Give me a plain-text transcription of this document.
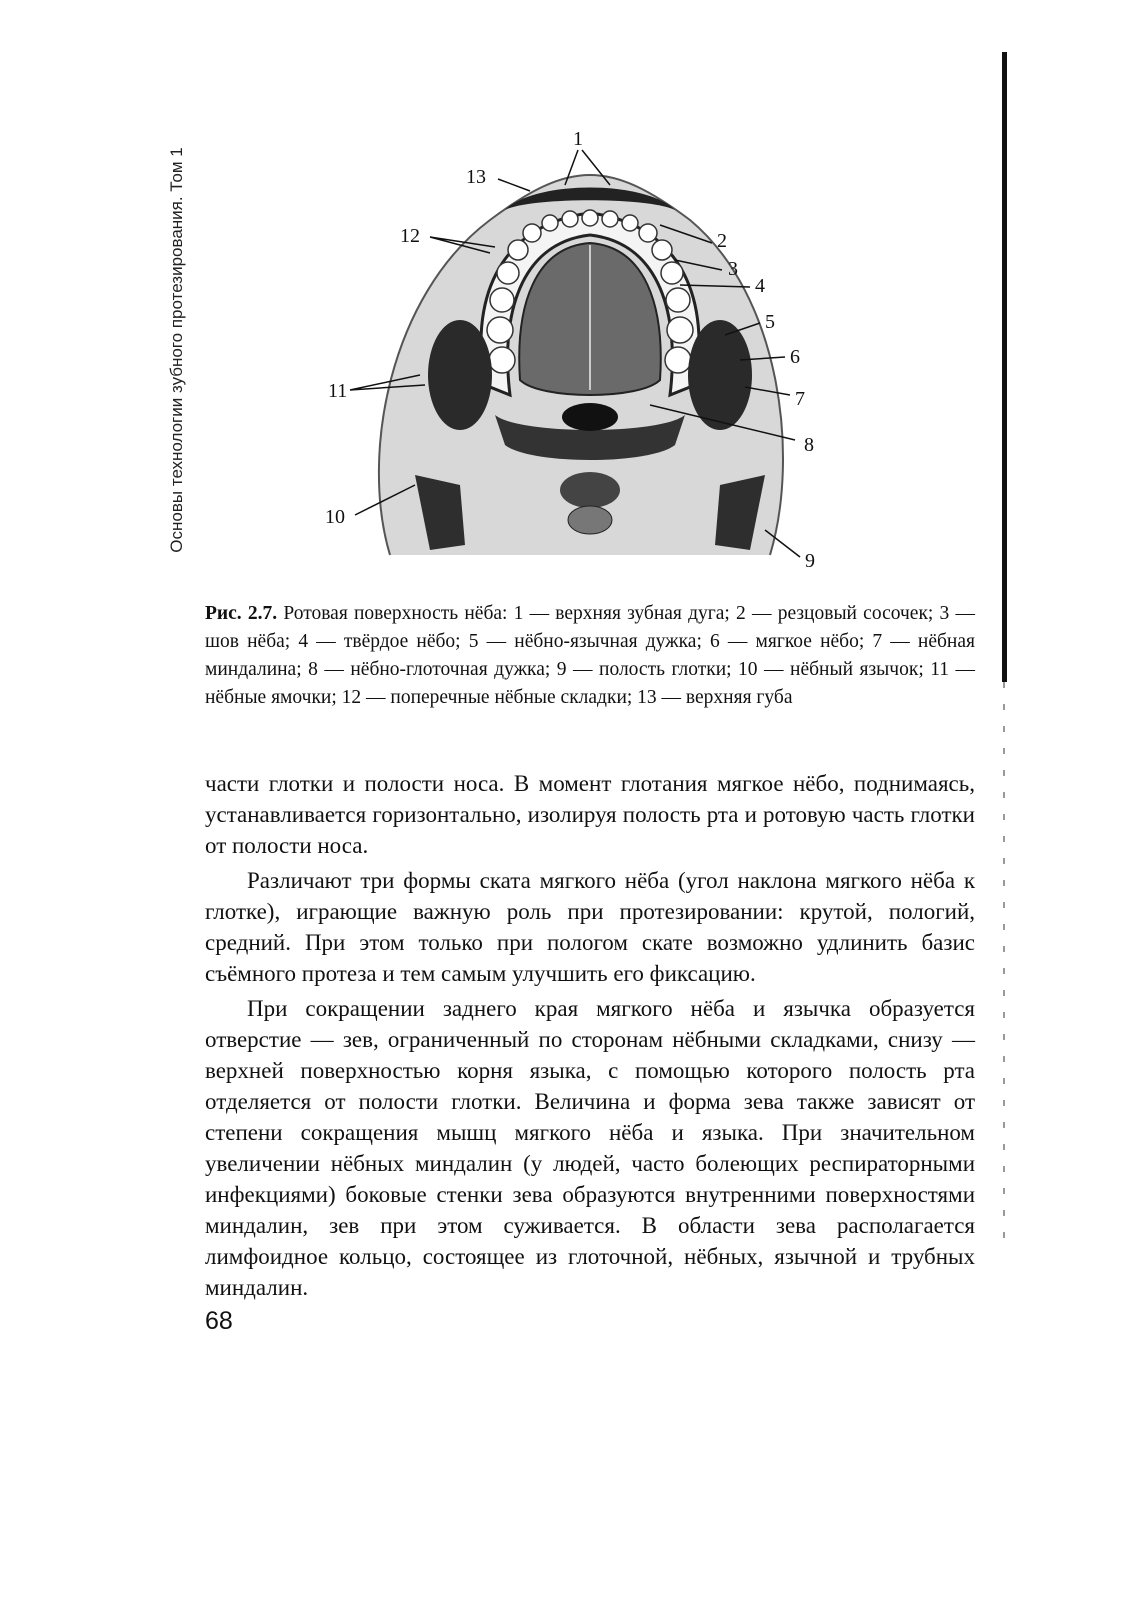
Основы технологии зубного протезирования. Том 1
1
13
12	2
3
4
5
6
7
8
9
10
11
Рис. 2.7. Ротовая поверхность нёба: 1 — верхняя зубная дуга; 2 — резцовый сосочек; 3 — шов нёба; 4 — твёрдое нёбо; 5 — нёбно-язычная дужка; 6 — мягкое нёбо; 7 — нёбная миндалина; 8 — нёбно-глоточная дужка; 9 — полость глотки; 10 — нёбный язычок; 11 — нёбные ямочки; 12 — поперечные нёбные складки; 13 — верхняя губа

части глотки и полости носа. В момент глотания мягкое нёбо, поднимаясь, устанавливается горизонтально, изолируя полость рта и ротовую часть глотки от полости носа.

Различают три формы ската мягкого нёба (угол наклона мягкого нёба к глотке), играющие важную роль при протезировании: крутой, пологий, средний. При этом только при пологом скате возможно удлинить базис съёмного протеза и тем самым улучшить его фиксацию.

При сокращении заднего края мягкого нёба и язычка образуется отверстие — зев, ограниченный по сторонам нёбными складками, снизу — верхней поверхностью корня языка, с помощью которого полость рта отделяется от полости глотки. Величина и форма зева также зависят от степени сокращения мышц мягкого нёба и языка. При значительном увеличении нёбных миндалин (у людей, часто болеющих респираторными инфекциями) боковые стенки зева образуются внутренними поверхностями миндалин, зев при этом суживается. В области зева располагается лимфоидное кольцо, состоящее из глоточной, нёбных, язычной и трубных миндалин.

68
